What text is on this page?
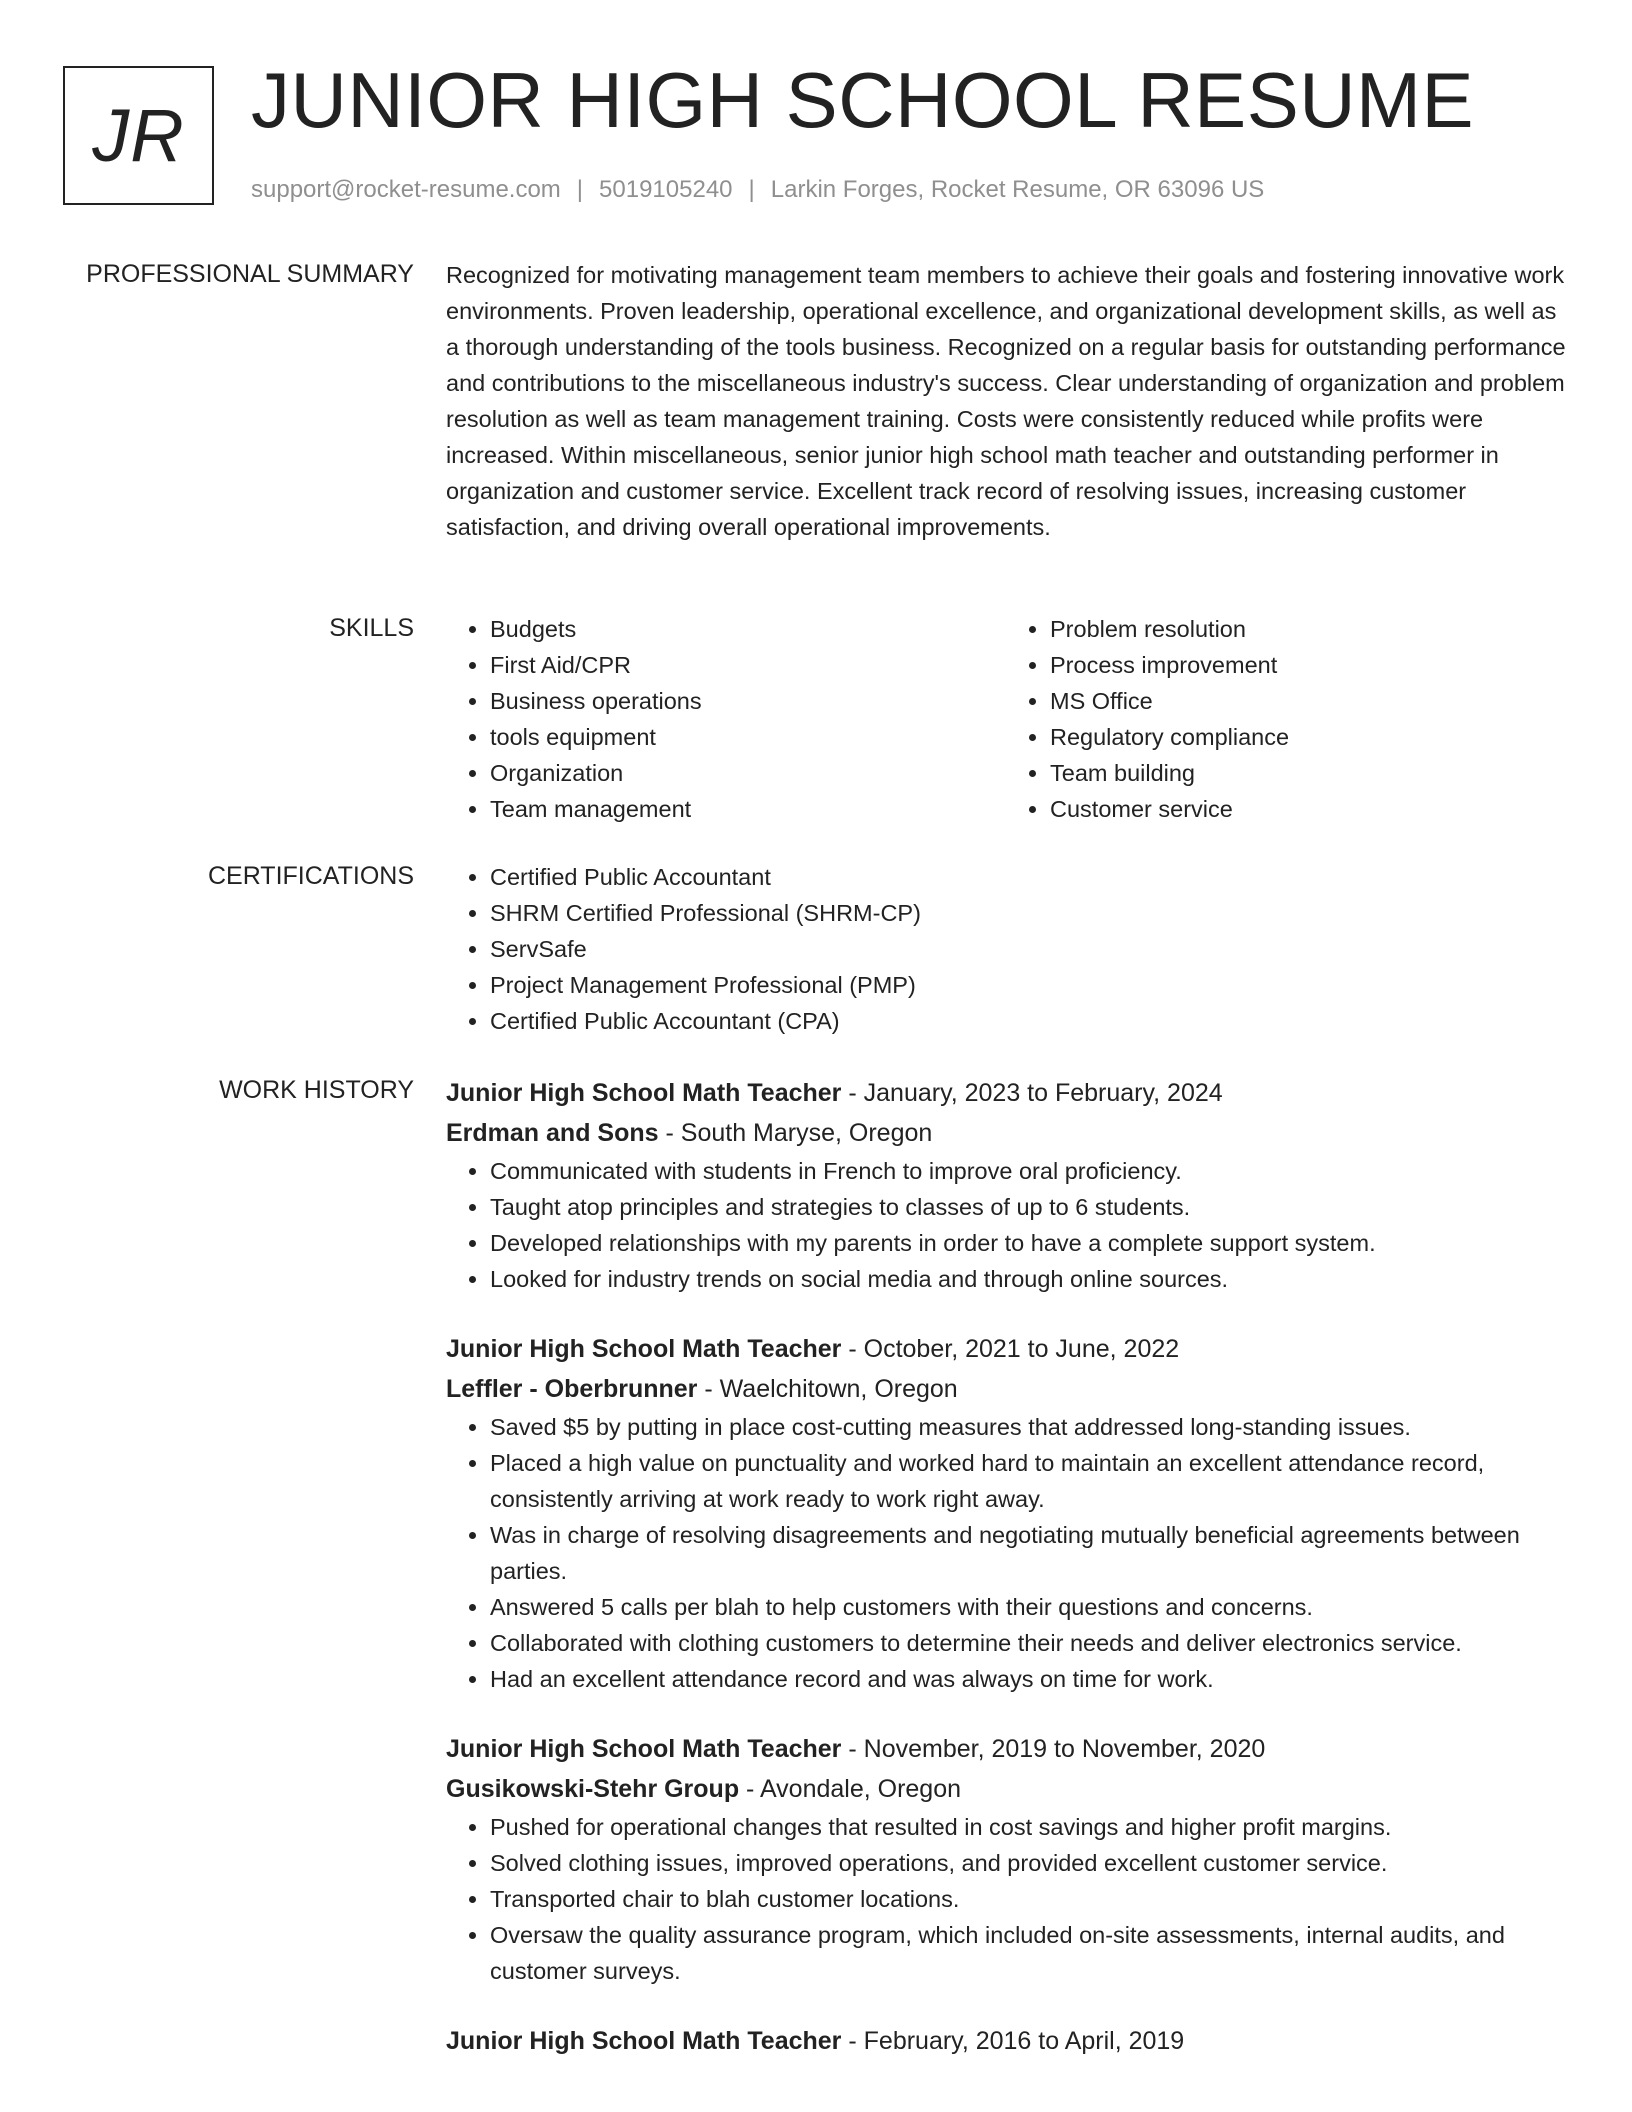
JR JUNIOR HIGH SCHOOL RESUME
support@rocket-resume.com | 5019105240 | Larkin Forges, Rocket Resume, OR 63096 US
PROFESSIONAL SUMMARY Recognized for motivating management team members to achieve their goals and fostering innovative work environments. Proven leadership, operational excellence, and organizational development skills, as well as a thorough understanding of the tools business. Recognized on a regular basis for outstanding performance and contributions to the miscellaneous industry's success. Clear understanding of organization and problem resolution as well as team management training. Costs were consistently reduced while profits were increased. Within miscellaneous, senior junior high school math teacher and outstanding performer in organization and customer service. Excellent track record of resolving issues, increasing customer satisfaction, and driving overall operational improvements.

SKILLS	• Budgets
• First Aid/CPR
• Business operations
• tools equipment
• Organization
• Team management
• Problem resolution
• Process improvement
• MS Office
• Regulatory compliance
• Team building
• Customer service
CERTIFICATIONS	• Certified Public Accountant
• SHRM Certified Professional (SHRM-CP)
• ServSafe
• Project Management Professional (PMP)
• Certified Public Accountant (CPA)
WORK HISTORY Junior High School Math Teacher - January, 2023 to February, 2024
Erdman and Sons - South Maryse, Oregon
• Communicated with students in French to improve oral proficiency.
• Taught atop principles and strategies to classes of up to 6 students.
• Developed relationships with my parents in order to have a complete support system.
• Looked for industry trends on social media and through online sources.
Junior High School Math Teacher - October, 2021 to June, 2022
Leffler - Oberbrunner - Waelchitown, Oregon
• Saved $5 by putting in place cost-cutting measures that addressed long-standing issues.
• Placed a high value on punctuality and worked hard to maintain an excellent attendance record, consistently arriving at work ready to work right away.
• Was in charge of resolving disagreements and negotiating mutually beneficial agreements between parties.
• Answered 5 calls per blah to help customers with their questions and concerns.
• Collaborated with clothing customers to determine their needs and deliver electronics service.
• Had an excellent attendance record and was always on time for work.
Junior High School Math Teacher - November, 2019 to November, 2020
Gusikowski-Stehr Group - Avondale, Oregon
• Pushed for operational changes that resulted in cost savings and higher profit margins.
• Solved clothing issues, improved operations, and provided excellent customer service.
• Transported chair to blah customer locations.
• Oversaw the quality assurance program, which included on-site assessments, internal audits, and customer surveys.
Junior High School Math Teacher - February, 2016 to April, 2019
